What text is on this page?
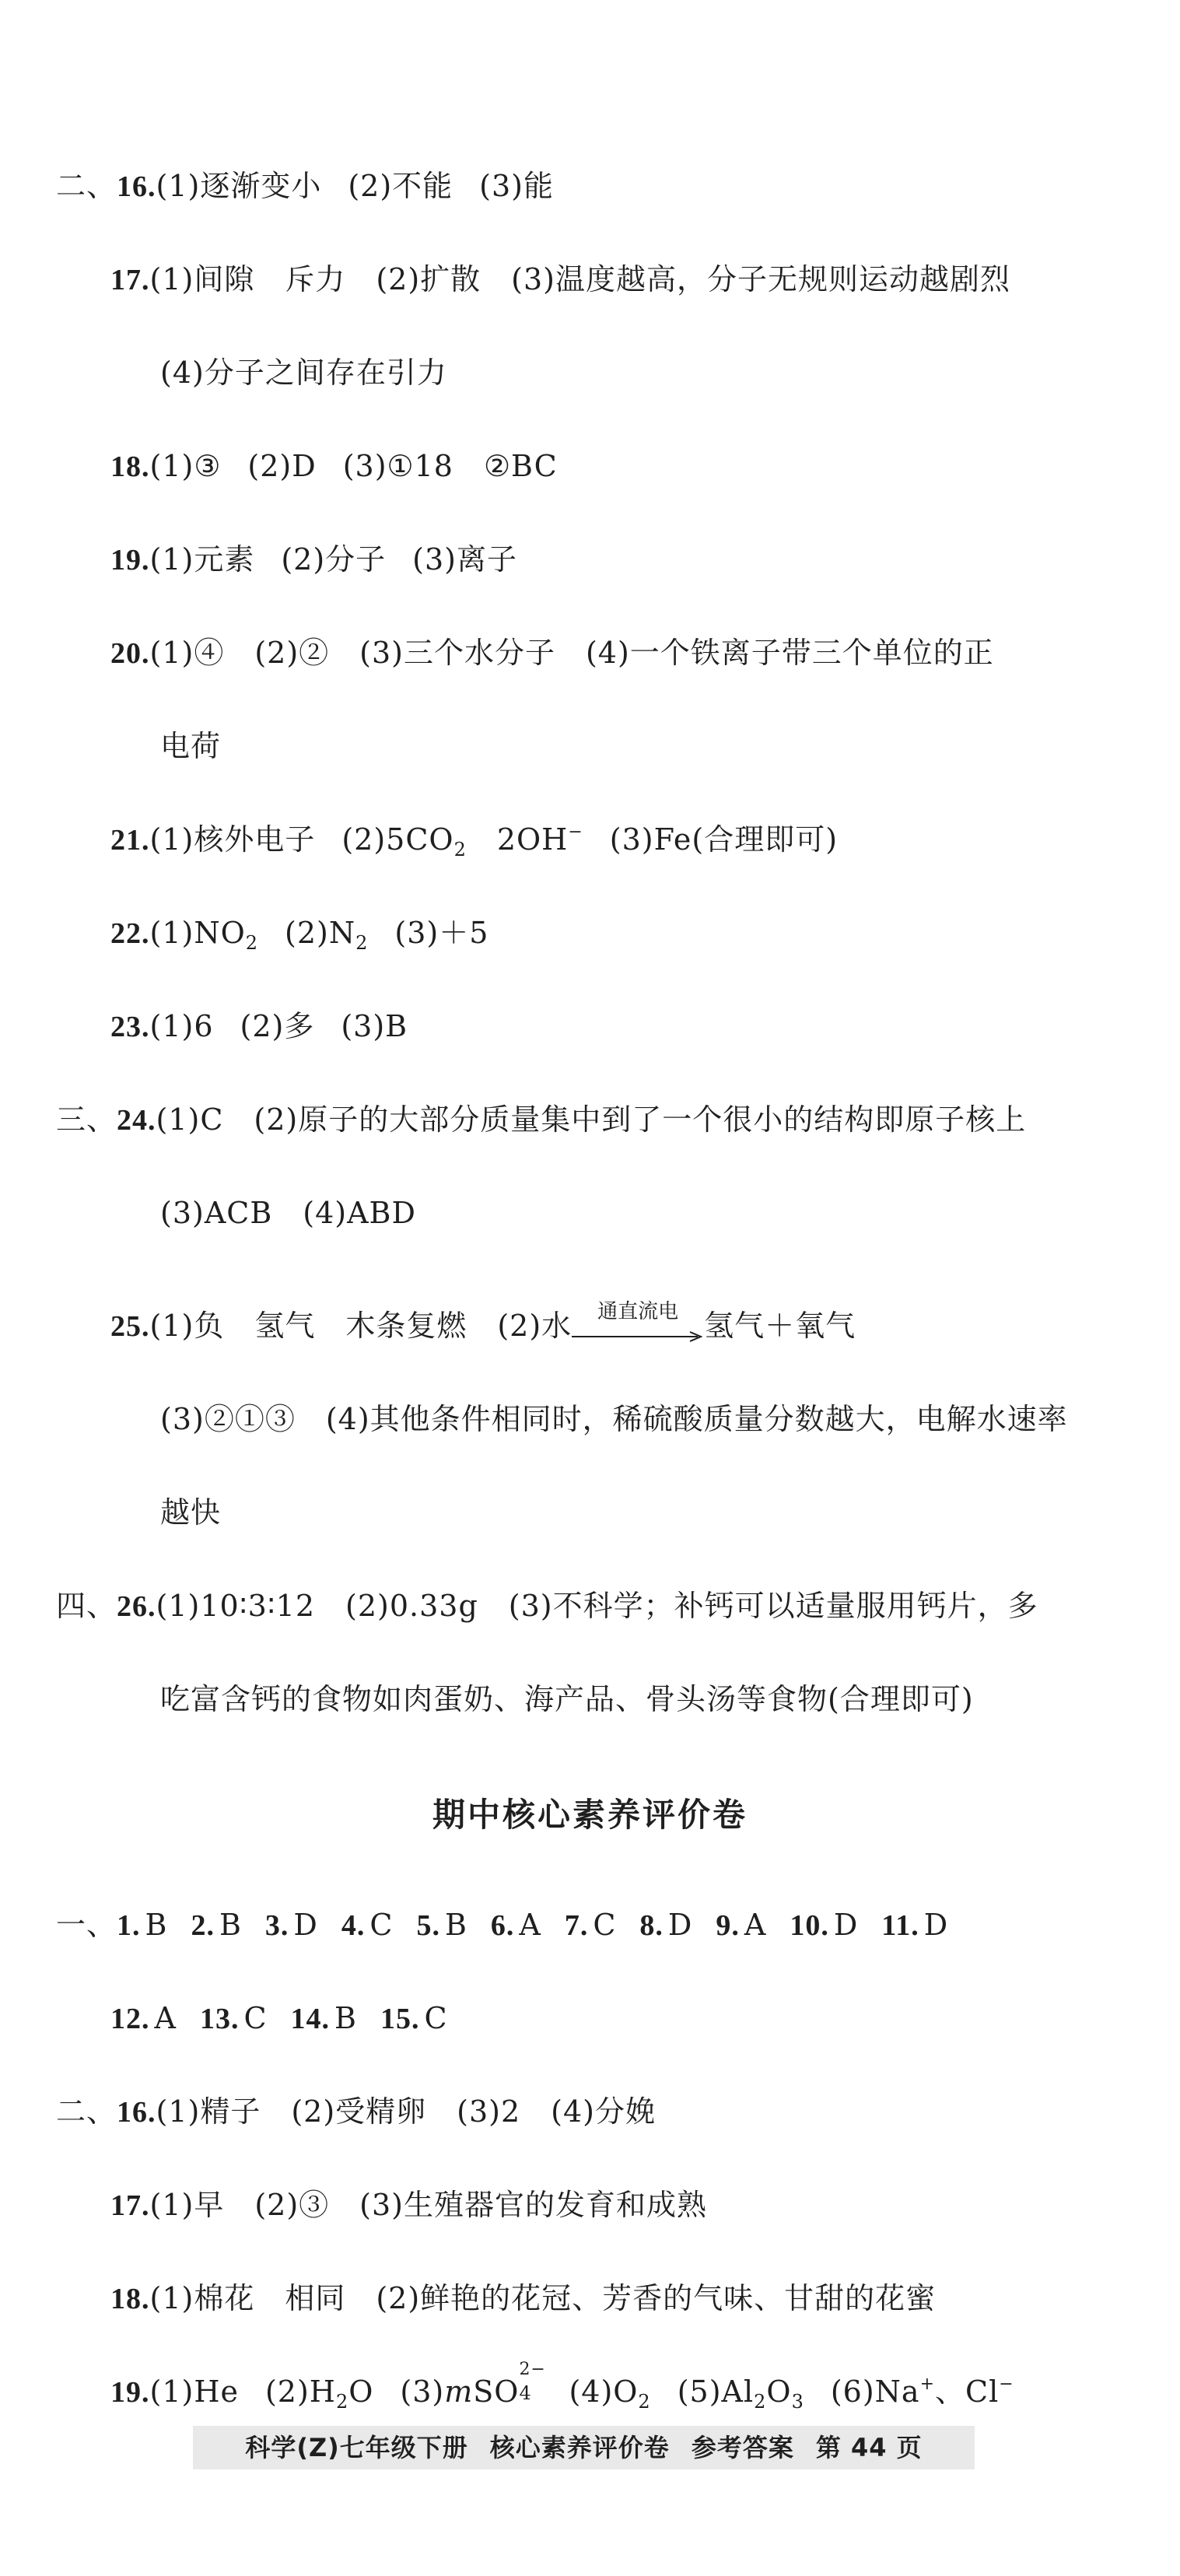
二、16.(1)逐渐变小 (2)不能 (3)能
17.(1)间隙　斥力　(2)扩散　(3)温度越高，分子无规则运动越剧烈
(4)分子之间存在引力
18.(1)③ (2)D (3)①18　②BC
19.(1)元素 (2)分子 (3)离子
20.(1)④　(2)②　(3)三个水分子　(4)一个铁离子带三个单位的正
电荷
21.(1)核外电子 $(2)5CO_2$　2OH− (3)Fe(合理即可)
$22.(1)NO_2$ $(2)N_2$ (3)＋5
23.(1)6 (2)多 (3)B
三、24.(1)C　(2)原子的大部分质量集中到了一个很小的结构即原子核上
(3)ACB　(4)ABD
25.(1)负　氢气　木条复燃　(2)水	通直流电 氢气＋氧气
(3)②①③　(4)其他条件相同时，稀硫酸质量分数越大，电解水速率
越快
四、26.(1)10∶3∶12　(2)0.33g　(3)不科学；补钙可以适量服用钙片，多
吃富含钙的食物如肉蛋奶、海产品、骨头汤等食物(合理即可)
期中核心素养评价卷
一、1. B 2. B 3. D 4. C 5. B 6. A 7. C 8. D 9. A 10. D 11. D
12. A 13. C 14. B 15. C
二、16.(1)精子　(2)受精卵　(3)2　(4)分娩
17.(1)早　(2)③　(3)生殖器官的发育和成熟
18.(1)棉花　相同　(2)鲜艳的花冠、芳香的气味、甘甜的花蜜
19.(1)He $(2)H_2O$ (3)mSO
2−
4 $(4)O_2$ $(5)Al_2O_3$ (6)Na+、Cl−
科学(Z)七年级下册 核心素养评价卷 参考答案 第 44 页
